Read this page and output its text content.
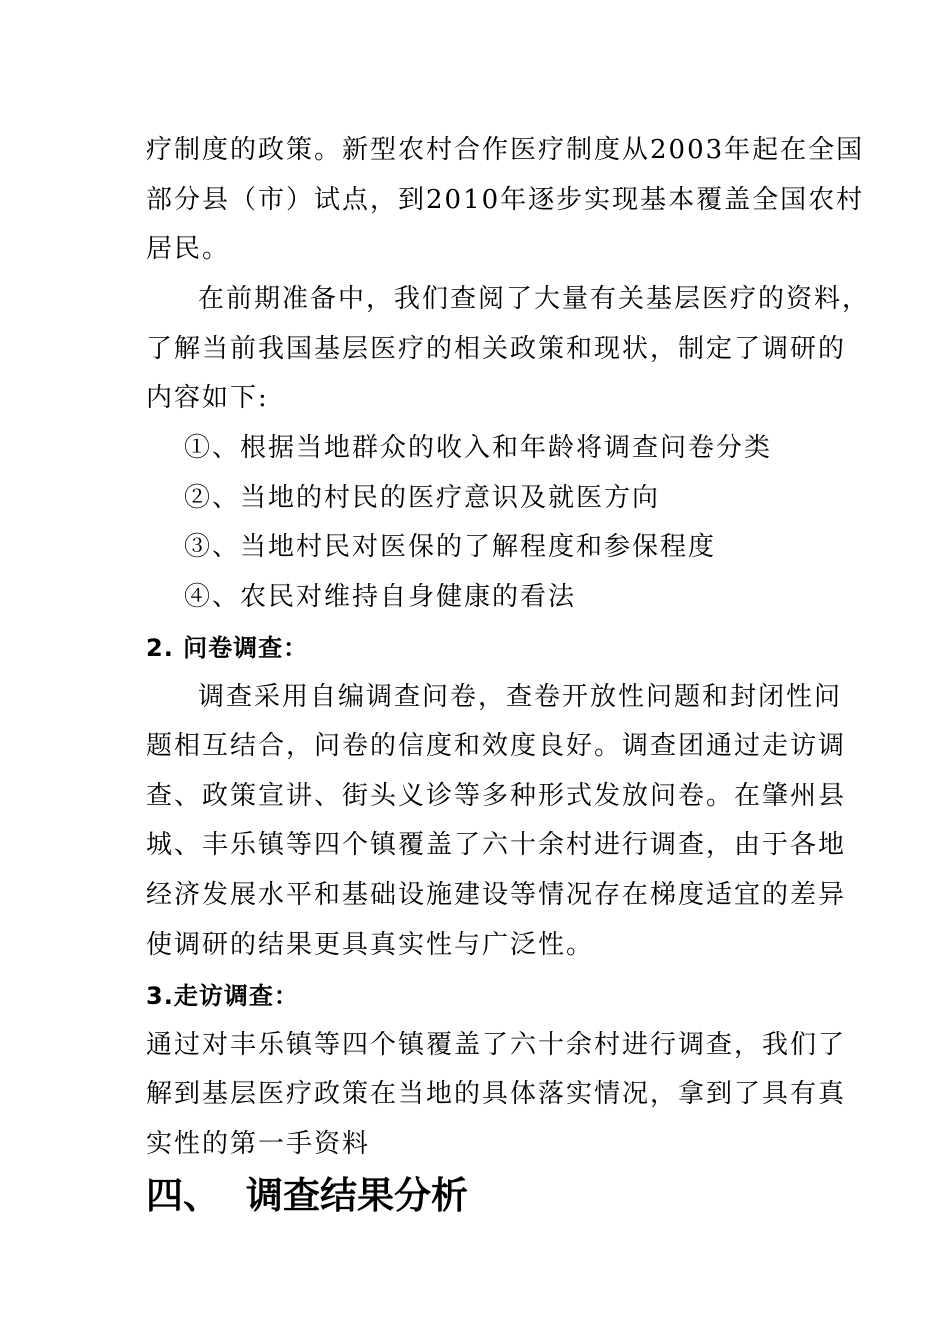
疗制度的政策。新型农村合作医疗制度从2003年起在全国
部分县（市）试点，到2010年逐步实现基本覆盖全国农村
居民。
在前期准备中，我们查阅了大量有关基层医疗的资料，
了解当前我国基层医疗的相关政策和现状，制定了调研的
内容如下:
①、根据当地群众的收入和年龄将调查问卷分类
②、当地的村民的医疗意识及就医方向
③、当地村民对医保的了解程度和参保程度
④、农民对维持自身健康的看法
2. 问卷调查：
调查采用自编调查问卷，查卷开放性问题和封闭性问
题相互结合，问卷的信度和效度良好。调查团通过走访调
查、政策宣讲、街头义诊等多种形式发放问卷。在肇州县
城、丰乐镇等四个镇覆盖了六十余村进行调查，由于各地
经济发展水平和基础设施建设等情况存在梯度适宜的差异
使调研的结果更具真实性与广泛性。
3.走访调查：
通过对丰乐镇等四个镇覆盖了六十余村进行调查，我们了
解到基层医疗政策在当地的具体落实情况，拿到了具有真
实性的第一手资料
四、 调查结果分析
